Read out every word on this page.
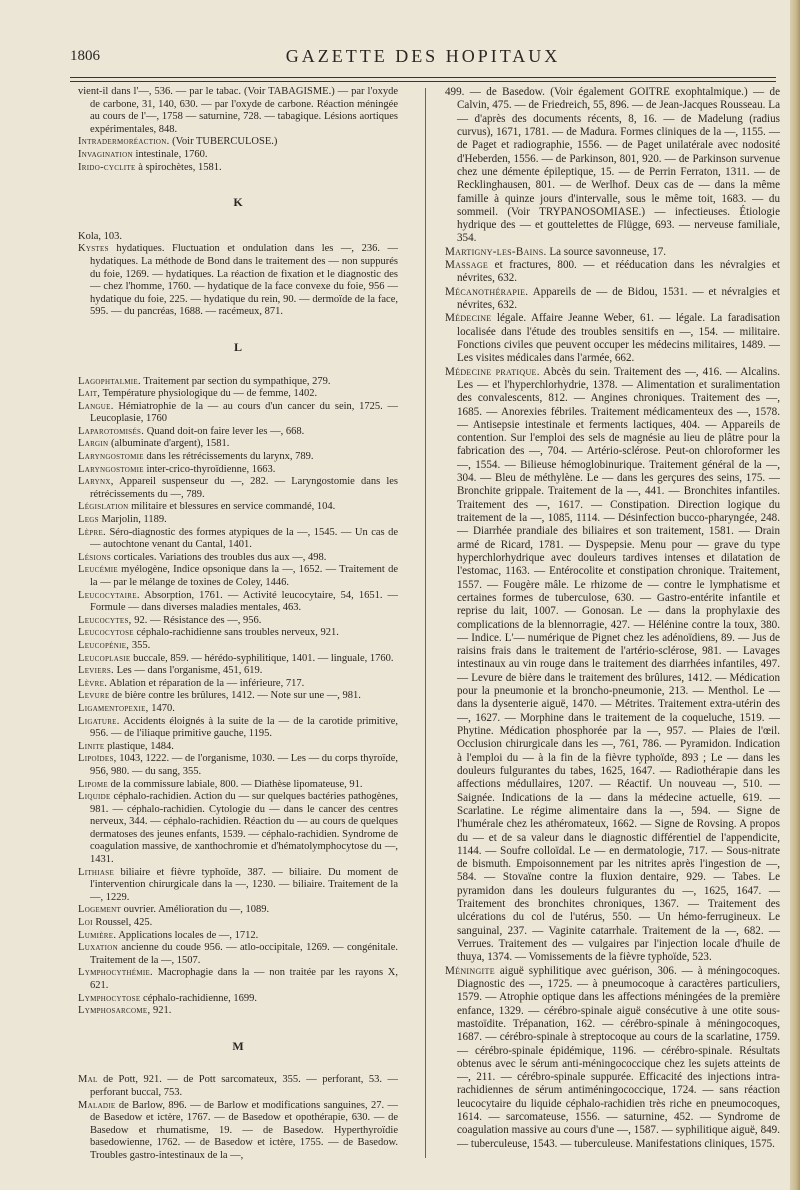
1806	GAZETTE DES HOPITAUX

vient-il dans l'—, 536. — par le tabac. (Voir TABAGISME.) — par l'oxyde de carbone, 31, 140, 630. — par l'oxyde de carbone. Réaction méningée au cours de l'—, 1758 — saturnine, 728. — tabagique. Lésions aortiques expérimentales, 848.

Intradermoréaction. (Voir TUBERCULOSE.)

Invagination intestinale, 1760.

Irido-cyclite à spirochètes, 1581.

K

Kola, 103.

Kystes hydatiques. Fluctuation et ondulation dans les —, 236. — hydatiques. La méthode de Bond dans le traitement des — non suppurés du foie, 1269. — hydatiques. La réaction de fixation et le diagnostic des — chez l'homme, 1760. — hydatique de la face convexe du foie, 956 — hydatique du foie, 225. — hydatique du rein, 90. — dermoïde de la face, 595. — du pancréas, 1688. — racémeux, 871.

L

Lagophtalmie. Traitement par section du sympathique, 279.

Lait, Température physiologique du — de femme, 1402.

Langue. Hémiatrophie de la — au cours d'un cancer du sein, 1725. — Leucoplasie, 1760

Laparotomisés. Quand doit-on faire lever les —, 668.

Largin (albuminate d'argent), 1581.

Laryngostomie dans les rétrécissements du larynx, 789.

Laryngostomie inter-crico-thyroïdienne, 1663.

Larynx, Appareil suspenseur du —, 282. — Laryngostomie dans les rétrécissements du —, 789.

Législation militaire et blessures en service commandé, 104.

Legs Marjolin, 1189.

Lèpre. Séro-diagnostic des formes atypiques de la —, 1545. — Un cas de — autochtone venant du Cantal, 1401.

Lésions corticales. Variations des troubles dus aux —, 498.

Leucémie myélogène, Indice opsonique dans la —, 1652. — Traitement de la — par le mélange de toxines de Coley, 1446.

Leucocytaire. Absorption, 1761. — Activité leucocytaire, 54, 1651. — Formule — dans diverses maladies mentales, 463.

Leucocytes, 92. — Résistance des —, 956.

Leucocytose céphalo-rachidienne sans troubles nerveux, 921.

Leucopénie, 355.

Leucoplasie buccale, 859. — hérédo-syphilitique, 1401. — linguale, 1760.

Leviers. Les — dans l'organisme, 451, 619.

Lèvre. Ablation et réparation de la — inférieure, 717.

Levure de bière contre les brûlures, 1412. — Note sur une —, 981.

Ligamentopexie, 1470.

Ligature. Accidents éloignés à la suite de la — de la carotide primitive, 956. — de l'iliaque primitive gauche, 1195.

Linite plastique, 1484.

Lipoïdes, 1043, 1222. — de l'organisme, 1030. — Les — du corps thyroïde, 956, 980. — du sang, 355.

Lipome de la commissure labiale, 800. — Diathèse lipomateuse, 91.

Liquide céphalo-rachidien. Action du — sur quelques bactéries pathogènes, 981. — céphalo-rachidien. Cytologie du — dans le cancer des centres nerveux, 344. — céphalo-rachidien. Réaction du — au cours de quelques dermatoses des jeunes enfants, 1539. — céphalo-rachidien. Syndrome de coagulation massive, de xanthochromie et d'hématolymphocytose du —, 1431.

Lithiase biliaire et fièvre typhoïde, 387. — biliaire. Du moment de l'intervention chirurgicale dans la —, 1230. — biliaire. Traitement de la —, 1229.

Logement ouvrier. Amélioration du —, 1089.

Loi Roussel, 425.

Lumière. Applications locales de —, 1712.

Luxation ancienne du coude 956. — atlo-occipitale, 1269. — congénitale. Traitement de la —, 1507.

Lymphocythémie. Macrophagie dans la — non traitée par les rayons X, 621.

Lymphocytose céphalo-rachidienne, 1699.

Lymphosarcome, 921.

M

Mal de Pott, 921. — de Pott sarcomateux, 355. — perforant, 53. — perforant buccal, 753.

Maladie de Barlow, 896. — de Barlow et modifications sanguines, 27. — de Basedow et ictère, 1767. — de Basedow et opothérapie, 630. — de Basedow et rhumatisme, 19. — de Basedow. Hyperthyroïdie basedowienne, 1762. — de Basedow et ictère, 1755. — de Basedow. Troubles gastro-intestinaux de la —,

499. — de Basedow. (Voir également GOITRE exophtalmique.) — de Calvin, 475. — de Friedreich, 55, 896. — de Jean-Jacques Rousseau. La — d'après des documents récents, 8, 16. — de Madelung (radius curvus), 1671, 1781. — de Madura. Formes cliniques de la —, 1155. — de Paget et radiographie, 1556. — de Paget unilatérale avec nodosité d'Heberden, 1556. — de Parkinson, 801, 920. — de Parkinson survenue chez une démente épileptique, 15. — de Perrin Ferraton, 1311. — de Recklinghausen, 801. — de Werlhof. Deux cas de — dans la même famille à quinze jours d'intervalle, sous le même toit, 1683. — du sommeil. (Voir TRYPANOSOMIASE.) — infectieuses. Étiologie hydrique des — et gouttelettes de Flügge, 693. — nerveuse familiale, 354.

Martigny-les-Bains. La source savonneuse, 17.

Massage et fractures, 800. — et rééducation dans les névralgies et névrites, 632.

Mécanothérapie. Appareils de — de Bidou, 1531. — et névralgies et névrites, 632.

Médecine légale. Affaire Jeanne Weber, 61. — légale. La faradisation localisée dans l'étude des troubles sensitifs en —, 154. — militaire. Fonctions civiles que peuvent occuper les médecins militaires, 1489. — Les visites médicales dans l'armée, 662.

Médecine pratique. Abcès du sein. Traitement des —, 416. — Alcalins. Les — et l'hyperchlorhydrie, 1378. — Alimentation et suralimentation des convalescents, 812. — Angines chroniques. Traitement des —, 1685. — Anorexies fébriles. Traitement médicamenteux des —, 1578. — Antisepsie intestinale et ferments lactiques, 404. — Appareils de contention. Sur l'emploi des sels de magnésie au lieu de plâtre pour la fabrication des —, 704. — Artério-sclérose. Peut-on chloroformer les —, 1554. — Bilieuse hémoglobinurique. Traitement général de la —, 304. — Bleu de méthylène. Le — dans les gerçures des seins, 175. — Bronchite grippale. Traitement de la —, 441. — Bronchites infantiles. Traitement des —, 1617. — Constipation. Direction logique du traitement de la —, 1085, 1114. — Désinfection bucco-pharyngée, 248. — Diarrhée prandiale des biliaires et son traitement, 1581. — Drain armé de Ricard, 1781. — Dyspepsie. Menu pour — grave du type hyperchlorhydrique avec douleurs tardives intenses et dilatation de l'estomac, 1163. — Entérocolite et constipation chronique. Traitement, 1557. — Fougère mâle. Le rhizome de — contre le lymphatisme et certaines formes de tuberculose, 630. — Gastro-entérite infantile et reprise du lait, 1007. — Gonosan. Le — dans la prophylaxie des complications de la blennorragie, 427. — Hélénine contre la toux, 380. — Indice. L'— numérique de Pignet chez les adénoïdiens, 89. — Jus de raisins frais dans le traitement de l'artério-sclérose, 981. — Lavages intestinaux au vin rouge dans le traitement des diarrhées infantiles, 497. — Levure de bière dans le traitement des brûlures, 1412. — Médication pour la pneumonie et la broncho-pneumonie, 213. — Menthol. Le — dans la dysenterie aiguë, 1470. — Métrites. Traitement extra-utérin des —, 1627. — Morphine dans le traitement de la coqueluche, 1519. — Phytine. Médication phosphorée par la —, 957. — Plaies de l'œil. Occlusion chirurgicale dans les —, 761, 786. — Pyramidon. Indication à l'emploi du — à la fin de la fièvre typhoïde, 893 ; Le — dans les douleurs fulgurantes du tabes, 1625, 1647. — Radiothérapie dans les affections médullaires, 1207. — Réactif. Un nouveau —, 510. — Saignée. Indications de la — dans la médecine actuelle, 619. — Scarlatine. Le régime alimentaire dans la —, 594. — Signe de l'humérale chez les athéromateux, 1662. — Signe de Rovsing. A propos du — et de sa valeur dans le diagnostic différentiel de l'appendicite, 1144. — Soufre colloïdal. Le — en dermatologie, 717. — Sous-nitrate de bismuth. Empoisonnement par les nitrites après l'ingestion de —, 584. — Stovaïne contre la fluxion dentaire, 929. — Tabes. Le pyramidon dans les douleurs fulgurantes du —, 1625, 1647. — Traitement des bronchites chroniques, 1367. — Traitement des ulcérations du col de l'utérus, 550. — Un hémo-ferrugineux. Le sanguinal, 237. — Vaginite catarrhale. Traitement de la —, 682. — Verrues. Traitement des — vulgaires par l'injection locale d'huile de thuya, 1374. — Vomissements de la fièvre typhoïde, 523.

Méningite aiguë syphilitique avec guérison, 306. — à méningocoques. Diagnostic des —, 1725. — à pneumocoque à caractères particuliers, 1579. — Atrophie optique dans les affections méningées de la première enfance, 1329. — cérébro-spinale aiguë consécutive à une otite sous-mastoïdite. Trépanation, 162. — cérébro-spinale à méningocoques, 1687. — cérébro-spinale à streptocoque au cours de la scarlatine, 1759. — cérébro-spinale épidémique, 1196. — cérébro-spinale. Résultats obtenus avec le sérum anti-méningococcique chez les sujets atteints de —, 211. — cérébro-spinale suppurée. Efficacité des injections intra-rachidiennes de sérum antiméningococcique, 1724. — sans réaction leucocytaire du liquide céphalo-rachidien très riche en pneumocoques, 1614. — sarcomateuse, 1556. — saturnine, 452. — Syndrome de coagulation massive au cours d'une —, 1587. — syphilitique aiguë, 849. — tuberculeuse, 1543. — tuberculeuse. Manifestations cliniques, 1575.
